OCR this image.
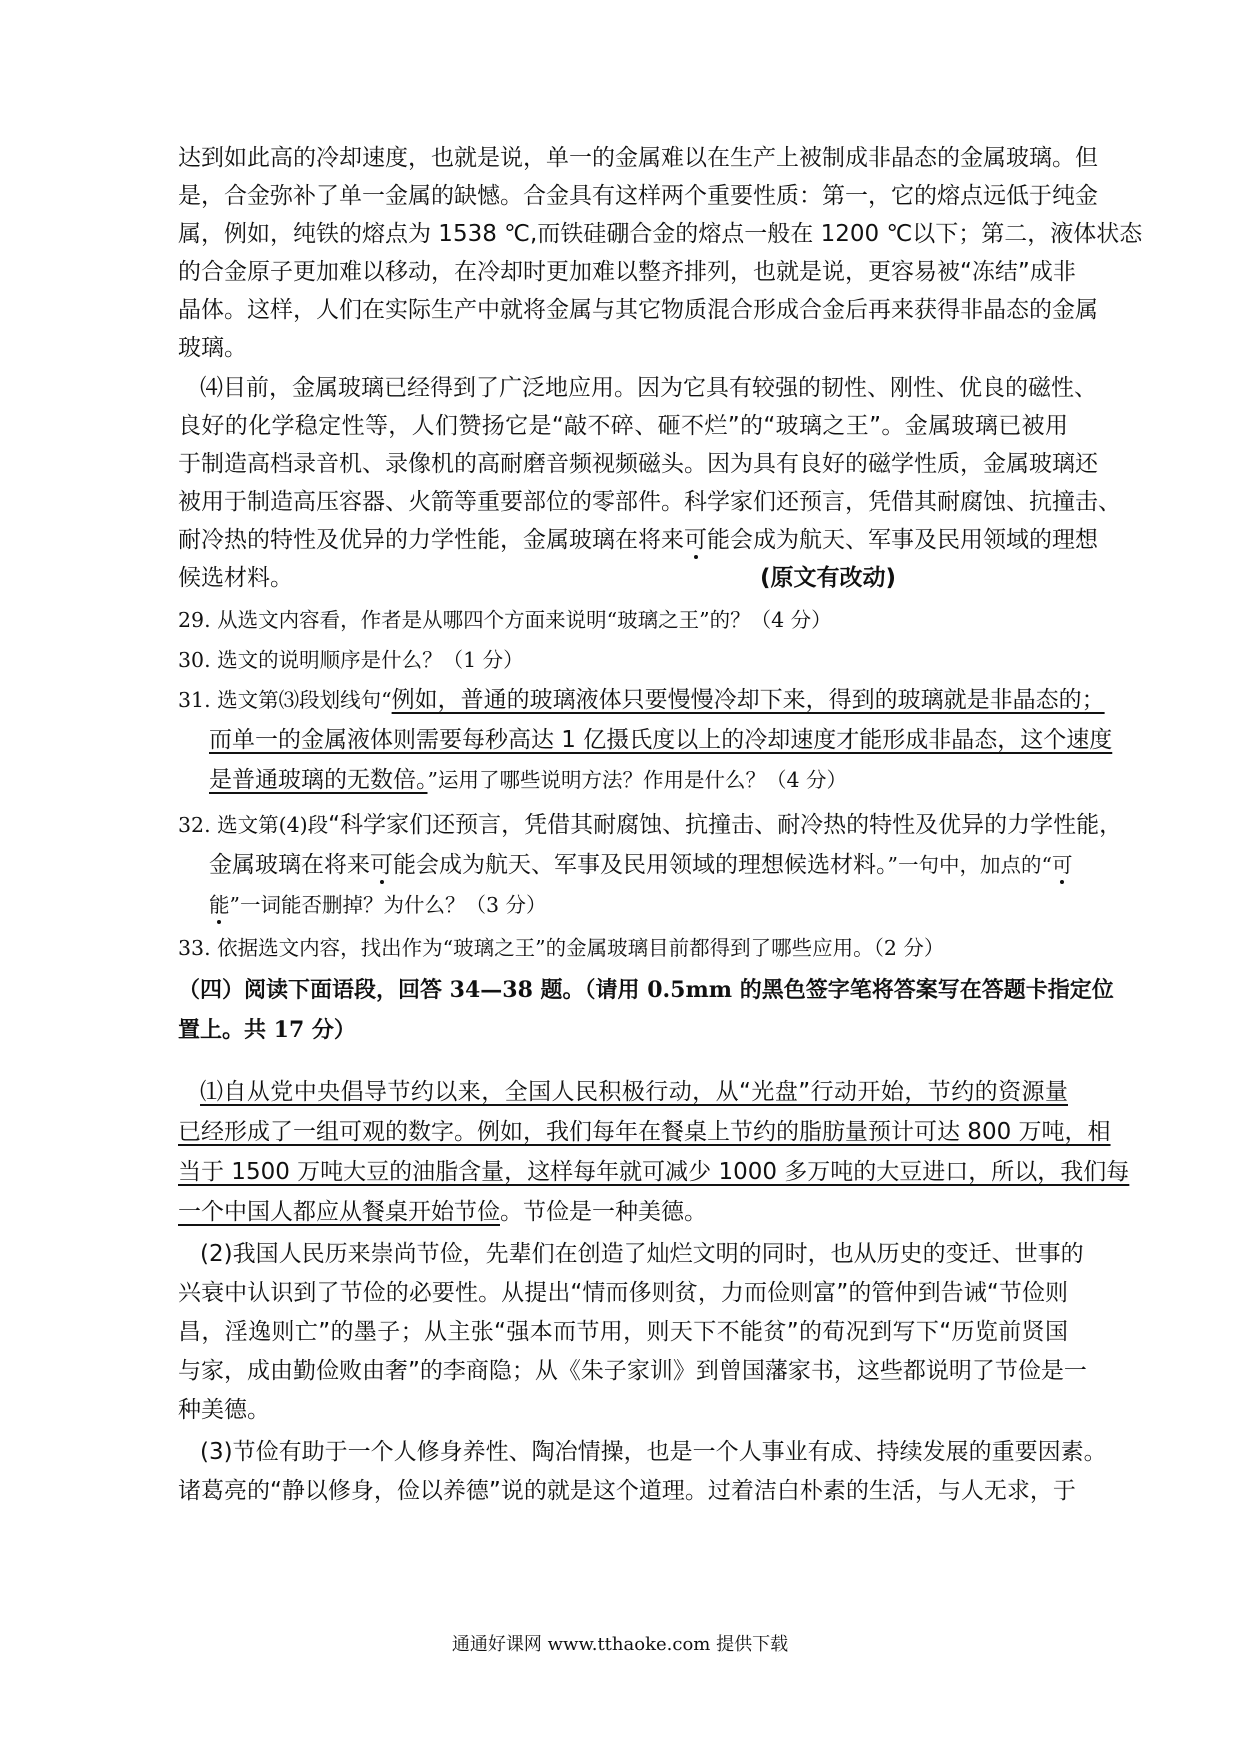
达到如此高的冷却速度，也就是说，单一的金属难以在生产上被制成非晶态的金属玻璃。但
是，合金弥补了单一金属的缺憾。合金具有这样两个重要性质：第一，它的熔点远低于纯金
属，例如，纯铁的熔点为 1538 ℃,而铁硅硼合金的熔点一般在 1200 ℃以下；第二，液体状态
的合金原子更加难以移动，在冷却时更加难以整齐排列，也就是说，更容易被“冻结”成非
晶体。这样，人们在实际生产中就将金属与其它物质混合形成合金后再来获得非晶态的金属
玻璃。
⑷目前，金属玻璃已经得到了广泛地应用。因为它具有较强的韧性、刚性、优良的磁性、
良好的化学稳定性等，人们赞扬它是“敲不碎、砸不烂”的“玻璃之王”。金属玻璃已被用
于制造高档录音机、录像机的高耐磨音频视频磁头。因为具有良好的磁学性质，金属玻璃还
被用于制造高压容器、火箭等重要部位的零部件。科学家们还预言，凭借其耐腐蚀、抗撞击、
耐冷热的特性及优异的力学性能，金属玻璃在将来可能会成为航天、军事及民用领域的理想
候选材料。	(原文有改动)
29. 从选文内容看，作者是从哪四个方面来说明“玻璃之王”的？（4 分）
30. 选文的说明顺序是什么？（1 分）
31. 选文第⑶段划线句“例如，普通的玻璃液体只要慢慢冷却下来，得到的玻璃就是非晶态的；
而单一的金属液体则需要每秒高达 1 亿摄氏度以上的冷却速度才能形成非晶态，这个速度
是普通玻璃的无数倍。”运用了哪些说明方法？作用是什么？（4 分）
32. 选文第(4)段“科学家们还预言，凭借其耐腐蚀、抗撞击、耐冷热的特性及优异的力学性能，
金属玻璃在将来可能会成为航天、军事及民用领域的理想候选材料。”一句中，加点的“可
能”一词能否删掉？为什么？（3 分）
33. 依据选文内容，找出作为“玻璃之王”的金属玻璃目前都得到了哪些应用。（2 分）
（四）阅读下面语段，回答 34—38 题。（请用 0.5mm 的黑色签字笔将答案写在答题卡指定位
置上。共 17 分）
⑴自从党中央倡导节约以来，全国人民积极行动，从“光盘”行动开始，节约的资源量
已经形成了一组可观的数字。例如，我们每年在餐桌上节约的脂肪量预计可达 800 万吨，相
当于 1500 万吨大豆的油脂含量，这样每年就可减少 1000 多万吨的大豆进口，所以，我们每
一个中国人都应从餐桌开始节俭。节俭是一种美德。
(2)我国人民历来崇尚节俭，先辈们在创造了灿烂文明的同时，也从历史的变迁、世事的
兴衰中认识到了节俭的必要性。从提出“情而侈则贫，力而俭则富”的管仲到告诫“节俭则
昌，淫逸则亡”的墨子；从主张“强本而节用，则天下不能贫”的荀况到写下“历览前贤国
与家，成由勤俭败由奢”的李商隐；从《朱子家训》到曾国藩家书，这些都说明了节俭是一
种美德。
(3)节俭有助于一个人修身养性、陶冶情操，也是一个人事业有成、持续发展的重要因素。
诸葛亮的“静以修身，俭以养德”说的就是这个道理。过着洁白朴素的生活，与人无求，于
通通好课网 www.tthaoke.com 提供下载
